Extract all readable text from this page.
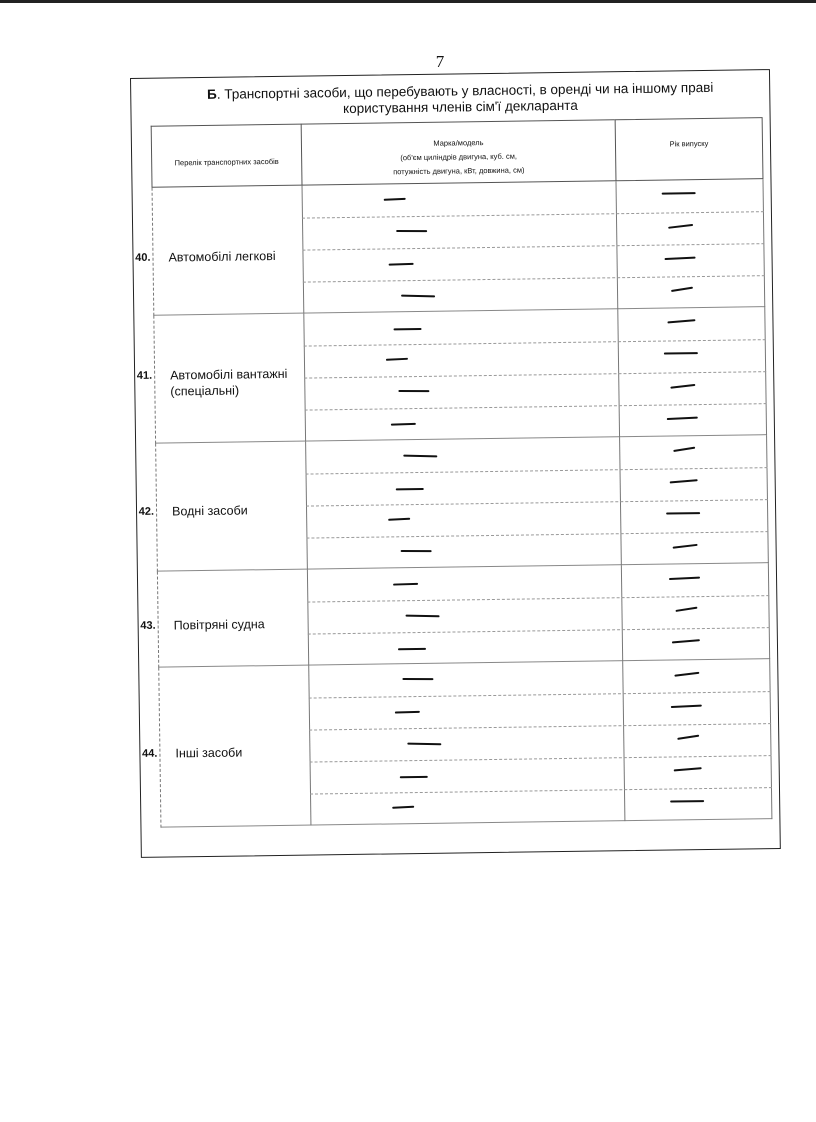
7
Б. Транспортні засоби, що перебувають у власності, в оренді чи на іншому праві
користування членів сім'ї декларанта
Перелік транспортних засобів
Марка/модель
(об'єм циліндрів двигуна, куб. см,
потужність двигуна, кВт, довжина, см)
Рік випуску
40. Автомобілі легкові
41. Автомобілі вантажні (спеціальні)
42. Водні засоби
43. Повітряні судна
44. Інші засоби
